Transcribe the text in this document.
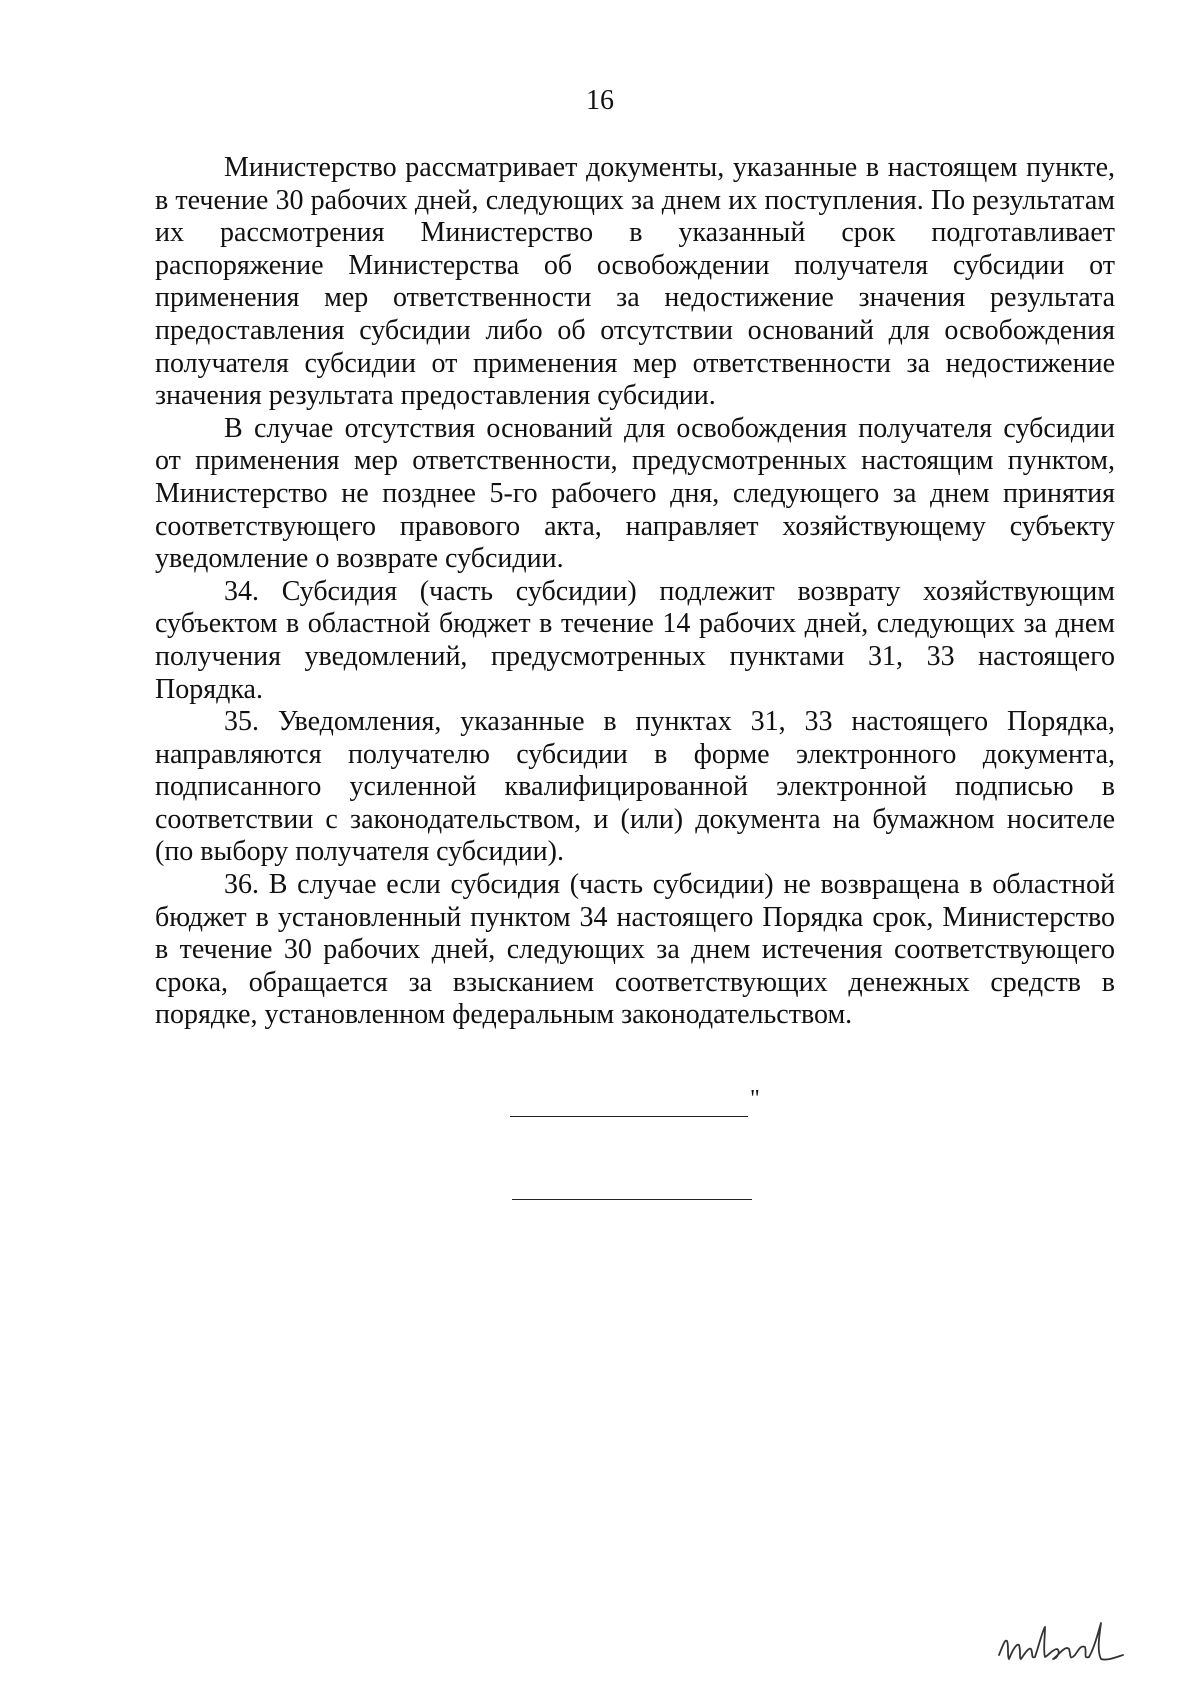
16

Министерство рассматривает документы, указанные в настоящем пункте, в течение 30 рабочих дней, следующих за днем их поступления. По результатам их рассмотрения Министерство в указанный срок подготавливает распоряжение Министерства об освобождении получателя субсидии от применения мер ответственности за недостижение значения результата предоставления субсидии либо об отсутствии оснований для освобождения получателя субсидии от применения мер ответственности за недостижение значения результата предоставления субсидии.

В случае отсутствия оснований для освобождения получателя субсидии от применения мер ответственности, предусмотренных настоящим пунктом, Министерство не позднее 5-го рабочего дня, следующего за днем принятия соответствующего правового акта, направляет хозяйствующему субъекту уведомление о возврате субсидии.

34. Субсидия (часть субсидии) подлежит возврату хозяйствующим субъектом в областной бюджет в течение 14 рабочих дней, следующих за днем получения уведомлений, предусмотренных пунктами 31, 33 настоящего Порядка.

35. Уведомления, указанные в пунктах 31, 33 настоящего Порядка, направляются получателю субсидии в форме электронного документа, подписанного усиленной квалифицированной электронной подписью в соответствии с законодательством, и (или) документа на бумажном носителе (по выбору получателя субсидии).

36. В случае если субсидия (часть субсидии) не возвращена в областной бюджет в установленный пунктом 34 настоящего Порядка срок, Министерство в течение 30 рабочих дней, следующих за днем истечения соответствующего срока, обращается за взысканием соответствующих денежных средств в порядке, установленном федеральным законодательством.

"
